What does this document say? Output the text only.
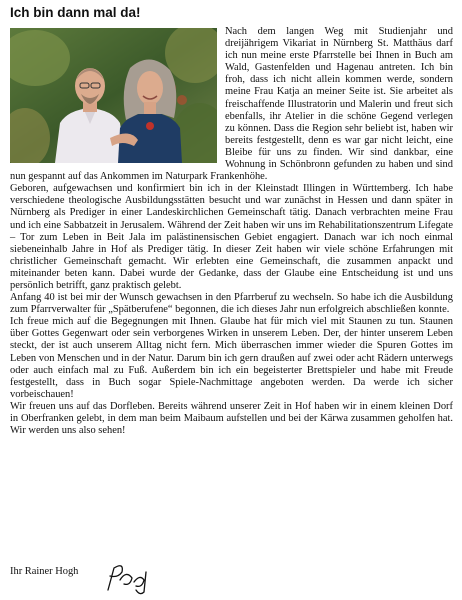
Ich bin dann mal da!

Nach dem langen Weg mit Studienjahr und dreijährigem Vikariat in Nürnberg St. Matthäus darf ich nun meine erste Pfarrstelle bei Ihnen in Buch am Wald, Gastenfelden und Hagenau antreten. Ich bin froh, dass ich nicht allein kommen werde, sondern meine Frau Katja an meiner Seite ist. Sie arbeitet als freischaffende Illustratorin und Malerin und freut sich ebenfalls, ihr Atelier in die schöne Gegend verlegen zu können. Dass die Region sehr beliebt ist, haben wir bereits festgestellt, denn es war gar nicht leicht, eine Bleibe für uns zu finden. Wir sind dankbar, eine Wohnung in Schönbronn gefunden zu haben und sind nun gespannt auf das Ankommen im Naturpark Frankenhöhe.

Geboren, aufgewachsen und konfirmiert bin ich in der Kleinstadt Illingen in Württemberg. Ich habe verschiedene theologische Ausbildungsstätten besucht und war zunächst in Hessen und dann später in Nürnberg als Prediger in einer Landeskirchlichen Gemeinschaft tätig. Danach verbrachten meine Frau und ich eine Sabbatzeit in Jerusalem. Während der Zeit haben wir uns im Rehabilitationszentrum Lifegate – Tor zum Leben in Beit Jala im palästinensischen Gebiet engagiert. Danach war ich noch einmal siebeneinhalb Jahre in Hof als Prediger tätig. In dieser Zeit haben wir viele schöne Erfahrungen mit christlicher Gemeinschaft gemacht. Wir erlebten eine Gemeinschaft, die zusammen anpackt und miteinander beten kann. Dabei wurde der Gedanke, dass der Glaube eine Entscheidung ist und uns persönlich betrifft, ganz praktisch gelebt.

Anfang 40 ist bei mir der Wunsch gewachsen in den Pfarrberuf zu wechseln. So habe ich die Ausbildung zum Pfarrverwalter für „Spätberufene“ begonnen, die ich dieses Jahr nun erfolgreich abschließen konnte.

Ich freue mich auf die Begegnungen mit Ihnen. Glaube hat für mich viel mit Staunen zu tun. Staunen über Gottes Gegenwart oder sein verborgenes Wirken in unserem Leben. Der, der hinter unserem Leben steckt, der ist auch unserem Alltag nicht fern. Mich überraschen immer wieder die Spuren Gottes im Leben von Menschen und in der Natur. Darum bin ich gern draußen auf zwei oder acht Rädern unterwegs oder auch einfach mal zu Fuß. Außerdem bin ich ein begeisterter Brettspieler und habe mit Freude festgestellt, dass in Buch sogar Spiele-Nachmittage angeboten werden. Da werde ich sicher vorbeischauen!

Wir freuen uns auf das Dorfleben. Bereits während unserer Zeit in Hof haben wir in einem kleinen Dorf in Oberfranken gelebt, in dem man beim Maibaum aufstellen und bei der Kärwa zusammen geholfen hat. Wir werden uns also sehen!

Ihr Rainer Hogh
